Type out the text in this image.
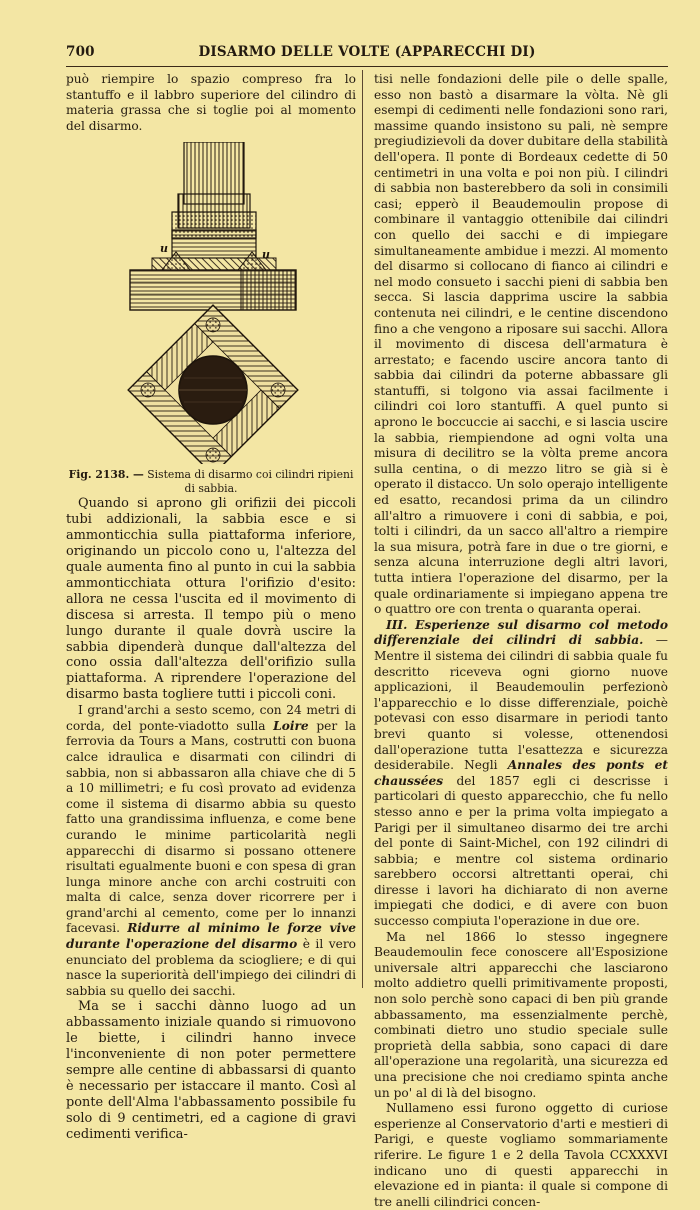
700	DISARMO DELLE VOLTE (APPARECCHI DI)

può riempire lo spazio compreso fra lo stantuffo e il labbro superiore del cilindro di materia grassa che si toglie poi al momento del disarmo.

u	u

Fig. 2138. — Sistema di disarmo coi cilindri ripieni di sabbia.

Quando si aprono gli orifizii dei piccoli tubi addizionali, la sabbia esce e si ammonticchia sulla piattaforma inferiore, originando un piccolo cono u, l'altezza del quale aumenta fino al punto in cui la sabbia ammonticchiata ottura l'orifizio d'esito: allora ne cessa l'uscita ed il movimento di discesa si arresta. Il tempo più o meno lungo durante il quale dovrà uscire la sabbia dipenderà dunque dall'altezza del cono ossia dall'altezza dell'orifizio sulla piattaforma. A riprendere l'operazione del disarmo basta togliere tutti i piccoli coni.

I grand'archi a sesto scemo, con 24 metri di corda, del ponte-viadotto sulla Loire per la ferrovia da Tours a Mans, costrutti con buona calce idraulica e disarmati con cilindri di sabbia, non si abbassaron alla chiave che di 5 a 10 millimetri; e fu così provato ad evidenza come il sistema di disarmo abbia su questo fatto una grandissima influenza, e come bene curando le minime particolarità negli apparecchi di disarmo si possano ottenere risultati egualmente buoni e con spesa di gran lunga minore anche con archi costruiti con malta di calce, senza dover ricorrere per i grand'archi al cemento, come per lo innanzi facevasi. Ridurre al minimo le forze vive durante l'operazione del disarmo è il vero enunciato del problema da sciogliere; e di qui nasce la superiorità dell'impiego dei cilindri di sabbia su quello dei sacchi.

Ma se i sacchi dànno luogo ad un abbassamento iniziale quando si rimuovono le biette, i cilindri hanno invece l'inconveniente di non poter permettere sempre alle centine di abbassarsi di quanto è necessario per istaccare il manto. Così al ponte dell'Alma l'abbassamento possibile fu solo di 9 centimetri, ed a cagione di gravi cedimenti verifica-

tisi nelle fondazioni delle pile o delle spalle, esso non bastò a disarmare la vòlta. Nè gli esempi di cedimenti nelle fondazioni sono rari, massime quando insistono su pali, nè sempre pregiudizievoli da dover dubitare della stabilità dell'opera. Il ponte di Bordeaux cedette di 50 centimetri in una volta e poi non più. I cilindri di sabbia non basterebbero da soli in consimili casi; epperò il Beaudemoulin propose di combinare il vantaggio ottenibile dai cilindri con quello dei sacchi e di impiegare simultaneamente ambidue i mezzi. Al momento del disarmo si collocano di fianco ai cilindri e nel modo consueto i sacchi pieni di sabbia ben secca. Si lascia dapprima uscire la sabbia contenuta nei cilindri, e le centine discendono fino a che vengono a riposare sui sacchi. Allora il movimento di discesa dell'armatura è arrestato; e facendo uscire ancora tanto di sabbia dai cilindri da poterne abbassare gli stantuffi, si tolgono via assai facilmente i cilindri coi loro stantuffi. A quel punto si aprono le boccuccie ai sacchi, e si lascia uscire la sabbia, riempiendone ad ogni volta una misura di decilitro se la vòlta preme ancora sulla centina, o di mezzo litro se già si è operato il distacco. Un solo operajo intelligente ed esatto, recandosi prima da un cilindro all'altro a rimuovere i coni di sabbia, e poi, tolti i cilindri, da un sacco all'altro a riempire la sua misura, potrà fare in due o tre giorni, e senza alcuna interruzione degli altri lavori, tutta intiera l'operazione del disarmo, per la quale ordinariamente si impiegano appena tre o quattro ore con trenta o quaranta operai.

III. Esperienze sul disarmo col metodo differenziale dei cilindri di sabbia. — Mentre il sistema dei cilindri di sabbia quale fu descritto riceveva ogni giorno nuove applicazioni, il Beaudemoulin perfezionò l'apparecchio e lo disse differenziale, poichè potevasi con esso disarmare in periodi tanto brevi quanto si volesse, ottenendosi dall'operazione tutta l'esattezza e sicurezza desiderabile. Negli Annales des ponts et chaussées del 1857 egli ci descrisse i particolari di questo apparecchio, che fu nello stesso anno e per la prima volta impiegato a Parigi per il simultaneo disarmo dei tre archi del ponte di Saint-Michel, con 192 cilindri di sabbia; e mentre col sistema ordinario sarebbero occorsi altrettanti operai, chi diresse i lavori ha dichiarato di non averne impiegati che dodici, e di avere con buon successo compiuta l'operazione in due ore.

Ma nel 1866 lo stesso ingegnere Beaudemoulin fece conoscere all'Esposizione universale altri apparecchi che lasciarono molto addietro quelli primitivamente proposti, non solo perchè sono capaci di ben più grande abbassamento, ma essenzialmente perchè, combinati dietro uno studio speciale sulle proprietà della sabbia, sono capaci di dare all'operazione una regolarità, una sicurezza ed una precisione che noi crediamo spinta anche un po' al di là del bisogno.

Nullameno essi furono oggetto di curiose esperienze al Conservatorio d'arti e mestieri di Parigi, e queste vogliamo sommariamente riferire. Le figure 1 e 2 della Tavola CCXXXVI indicano uno di questi apparecchi in elevazione ed in pianta: il quale si compone di tre anelli cilindrici concen-
